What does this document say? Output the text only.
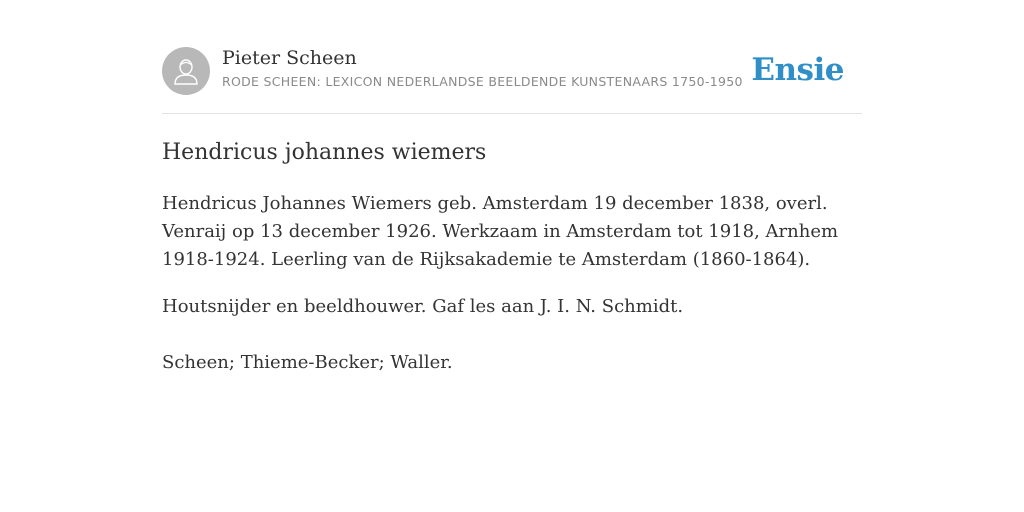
Pieter Scheen
RODE SCHEEN: LEXICON NEDERLANDSE BEELDENDE KUNSTENAARS 1750-1950 Ensie
Hendricus johannes wiemers

Hendricus Johannes Wiemers geb. Amsterdam 19 december 1838, overl. Venraij op 13 december 1926. Werkzaam in Amsterdam tot 1918, Arnhem 1918-1924. Leerling van de Rijksakademie te Amsterdam (1860-1864).

Houtsnijder en beeldhouwer. Gaf les aan J. I. N. Schmidt.

Scheen; Thieme-Becker; Waller.
